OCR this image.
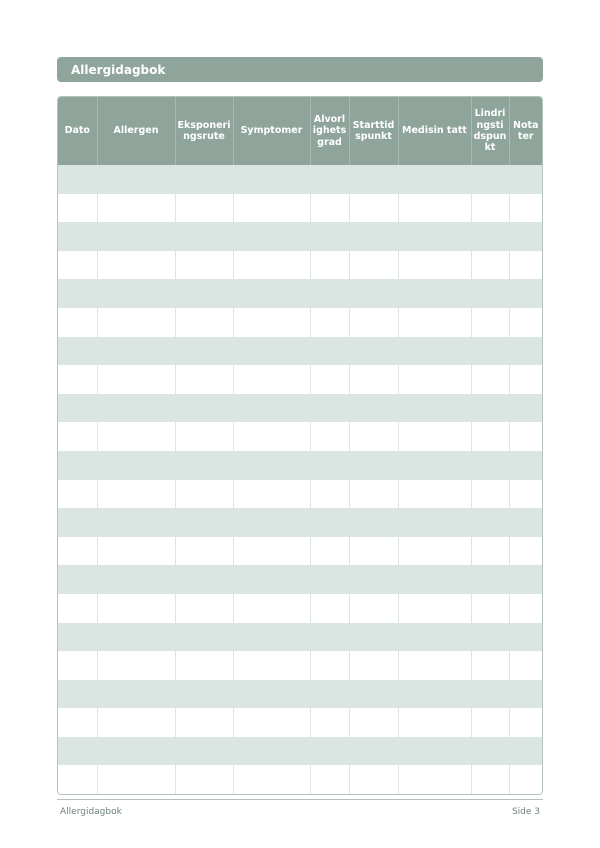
Allergidagbok
Dato	Allergen	Eksponeringsrute	Symptomer	Alvorlighetsgrad	Starttidspunkt	Medisin tatt	Lindringstidspunkt	Notater

Allergidagbok	Side 3
